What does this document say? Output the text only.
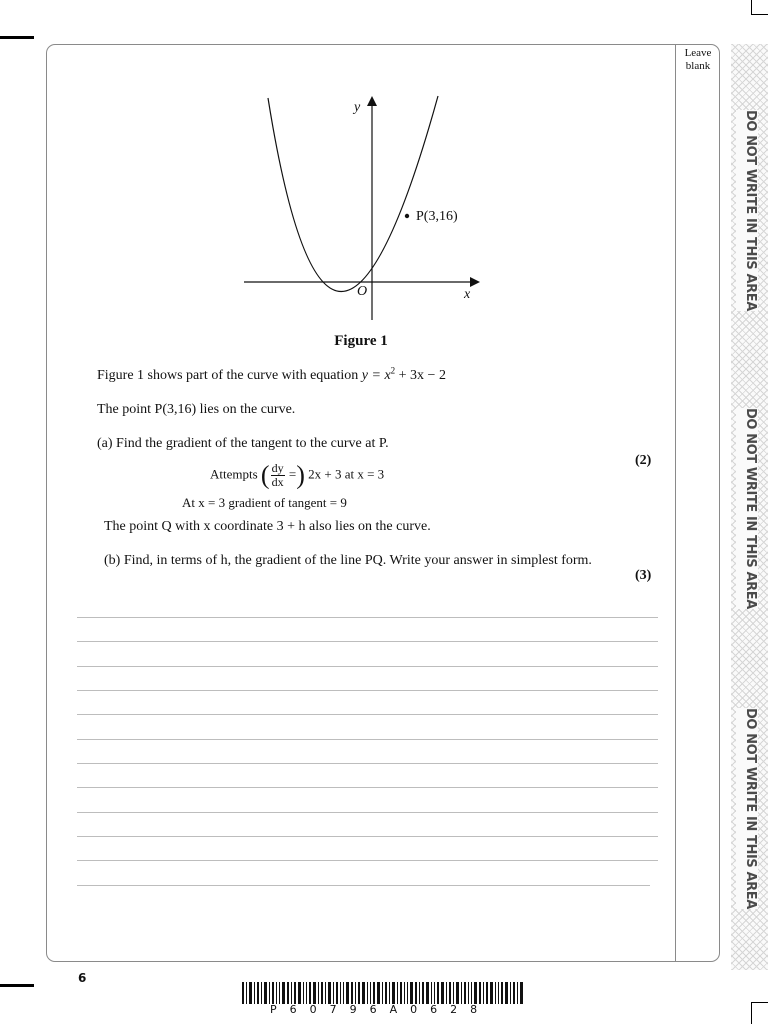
DO NOT WRITE IN THIS AREA
DO NOT WRITE IN THIS AREA
DO NOT WRITE IN THIS AREA
Leave blank
y
x
O
P(3,16)
Figure 1
Figure 1 shows part of the curve with equation $y = x^2 + 3x - 2$
The point P(3,16) lies on the curve.
(a) Find the gradient of the tangent to the curve at P.
(2)
Attempts ( $\frac{dy}{dx}$ =) 2x + 3 at x = 3
At x = 3 gradient of tangent = 9
The point Q with x coordinate 3 + h also lies on the curve.
(b) Find, in terms of h, the gradient of the line PQ. Write your answer in simplest form.
(3)
6
P60796A0628
